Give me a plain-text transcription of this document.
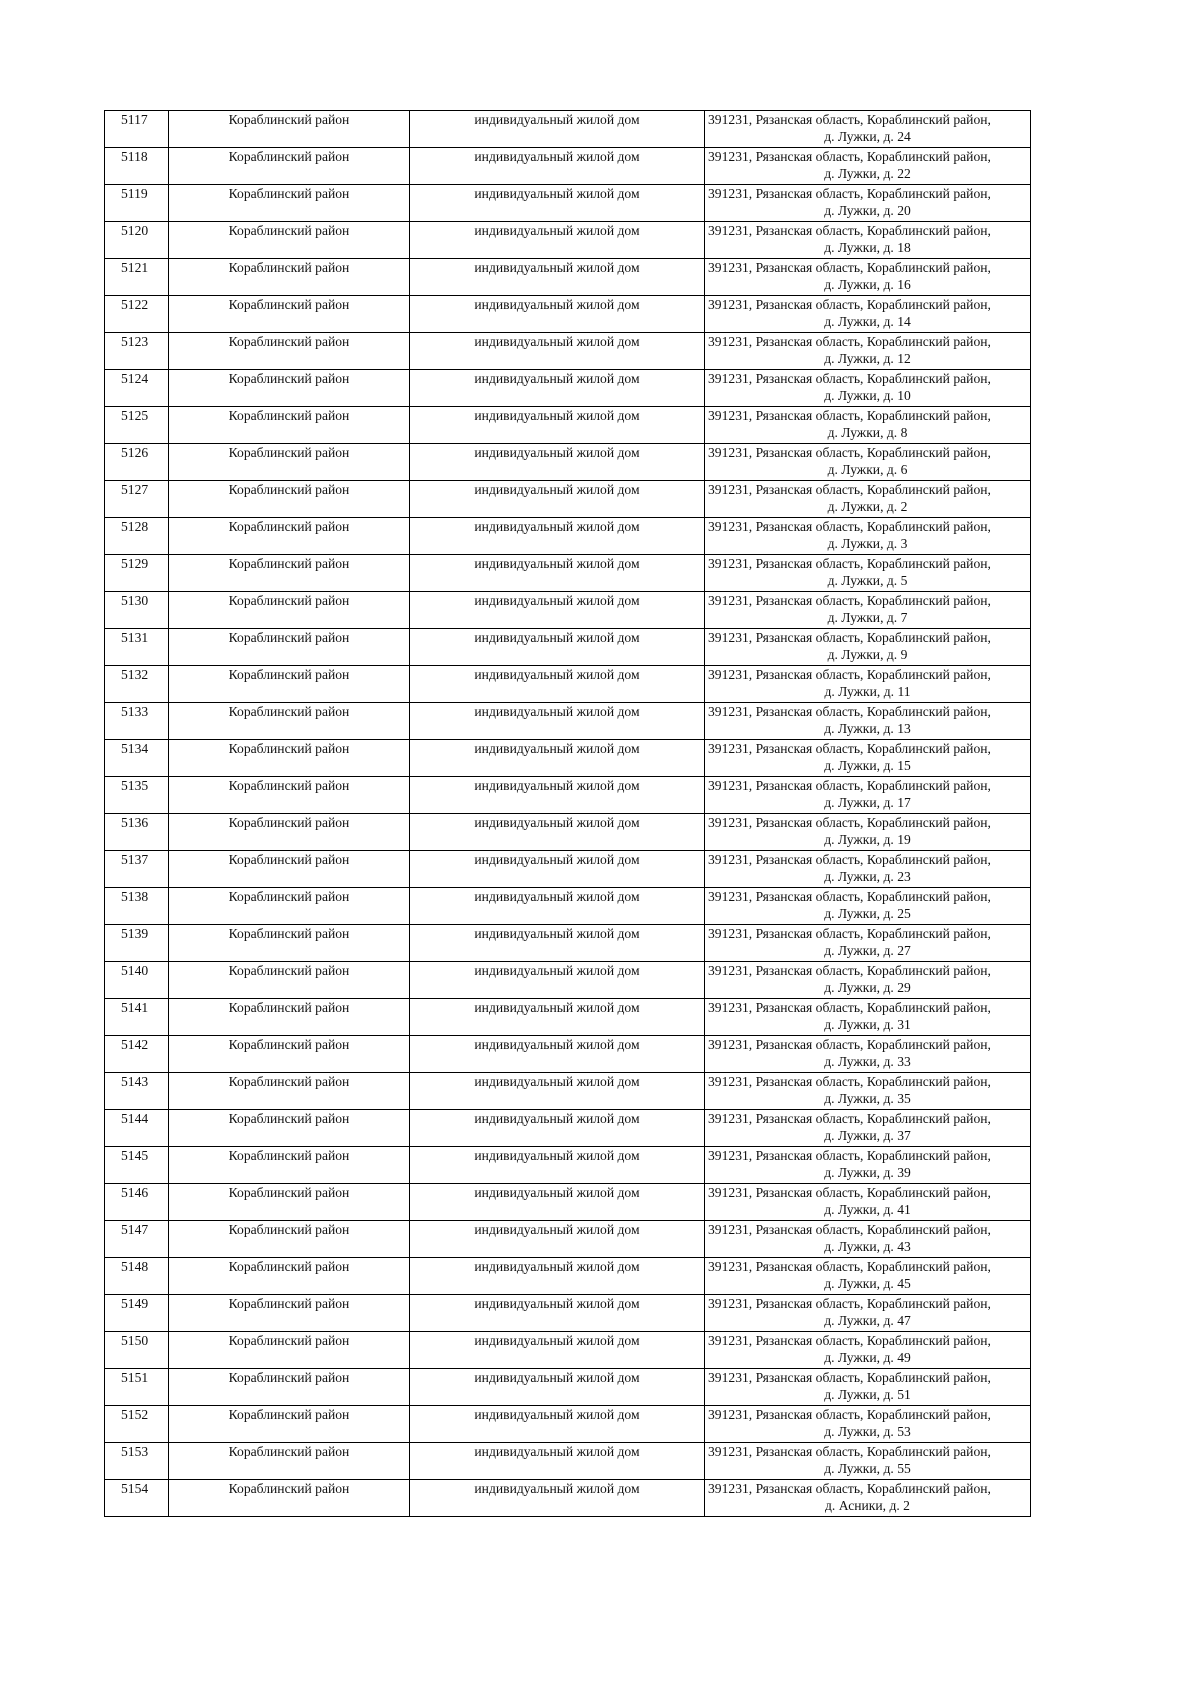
5117	Кораблинский район	индивидуальный жилой дом	391231, Рязанская область, Кораблинский район,
д. Лужки, д. 24

5118	Кораблинский район	индивидуальный жилой дом	391231, Рязанская область, Кораблинский район,
д. Лужки, д. 22

5119	Кораблинский район	индивидуальный жилой дом	391231, Рязанская область, Кораблинский район,
д. Лужки, д. 20

5120	Кораблинский район	индивидуальный жилой дом	391231, Рязанская область, Кораблинский район,
д. Лужки, д. 18

5121	Кораблинский район	индивидуальный жилой дом	391231, Рязанская область, Кораблинский район,
д. Лужки, д. 16

5122	Кораблинский район	индивидуальный жилой дом	391231, Рязанская область, Кораблинский район,
д. Лужки, д. 14

5123	Кораблинский район	индивидуальный жилой дом	391231, Рязанская область, Кораблинский район,
д. Лужки, д. 12

5124	Кораблинский район	индивидуальный жилой дом	391231, Рязанская область, Кораблинский район,
д. Лужки, д. 10

5125	Кораблинский район	индивидуальный жилой дом	391231, Рязанская область, Кораблинский район,
д. Лужки, д. 8

5126	Кораблинский район	индивидуальный жилой дом	391231, Рязанская область, Кораблинский район,
д. Лужки, д. 6

5127	Кораблинский район	индивидуальный жилой дом	391231, Рязанская область, Кораблинский район,
д. Лужки, д. 2

5128	Кораблинский район	индивидуальный жилой дом	391231, Рязанская область, Кораблинский район,
д. Лужки, д. 3

5129	Кораблинский район	индивидуальный жилой дом	391231, Рязанская область, Кораблинский район,
д. Лужки, д. 5

5130	Кораблинский район	индивидуальный жилой дом	391231, Рязанская область, Кораблинский район,
д. Лужки, д. 7

5131	Кораблинский район	индивидуальный жилой дом	391231, Рязанская область, Кораблинский район,
д. Лужки, д. 9

5132	Кораблинский район	индивидуальный жилой дом	391231, Рязанская область, Кораблинский район,
д. Лужки, д. 11

5133	Кораблинский район	индивидуальный жилой дом	391231, Рязанская область, Кораблинский район,
д. Лужки, д. 13

5134	Кораблинский район	индивидуальный жилой дом	391231, Рязанская область, Кораблинский район,
д. Лужки, д. 15

5135	Кораблинский район	индивидуальный жилой дом	391231, Рязанская область, Кораблинский район,
д. Лужки, д. 17

5136	Кораблинский район	индивидуальный жилой дом	391231, Рязанская область, Кораблинский район,
д. Лужки, д. 19

5137	Кораблинский район	индивидуальный жилой дом	391231, Рязанская область, Кораблинский район,
д. Лужки, д. 23

5138	Кораблинский район	индивидуальный жилой дом	391231, Рязанская область, Кораблинский район,
д. Лужки, д. 25

5139	Кораблинский район	индивидуальный жилой дом	391231, Рязанская область, Кораблинский район,
д. Лужки, д. 27

5140	Кораблинский район	индивидуальный жилой дом	391231, Рязанская область, Кораблинский район,
д. Лужки, д. 29

5141	Кораблинский район	индивидуальный жилой дом	391231, Рязанская область, Кораблинский район,
д. Лужки, д. 31

5142	Кораблинский район	индивидуальный жилой дом	391231, Рязанская область, Кораблинский район,
д. Лужки, д. 33

5143	Кораблинский район	индивидуальный жилой дом	391231, Рязанская область, Кораблинский район,
д. Лужки, д. 35

5144	Кораблинский район	индивидуальный жилой дом	391231, Рязанская область, Кораблинский район,
д. Лужки, д. 37

5145	Кораблинский район	индивидуальный жилой дом	391231, Рязанская область, Кораблинский район,
д. Лужки, д. 39

5146	Кораблинский район	индивидуальный жилой дом	391231, Рязанская область, Кораблинский район,
д. Лужки, д. 41

5147	Кораблинский район	индивидуальный жилой дом	391231, Рязанская область, Кораблинский район,
д. Лужки, д. 43

5148	Кораблинский район	индивидуальный жилой дом	391231, Рязанская область, Кораблинский район,
д. Лужки, д. 45

5149	Кораблинский район	индивидуальный жилой дом	391231, Рязанская область, Кораблинский район,
д. Лужки, д. 47

5150	Кораблинский район	индивидуальный жилой дом	391231, Рязанская область, Кораблинский район,
д. Лужки, д. 49

5151	Кораблинский район	индивидуальный жилой дом	391231, Рязанская область, Кораблинский район,
д. Лужки, д. 51

5152	Кораблинский район	индивидуальный жилой дом	391231, Рязанская область, Кораблинский район,
д. Лужки, д. 53

5153	Кораблинский район	индивидуальный жилой дом	391231, Рязанская область, Кораблинский район,
д. Лужки, д. 55

5154	Кораблинский район	индивидуальный жилой дом	391231, Рязанская область, Кораблинский район,
д. Асники, д. 2
